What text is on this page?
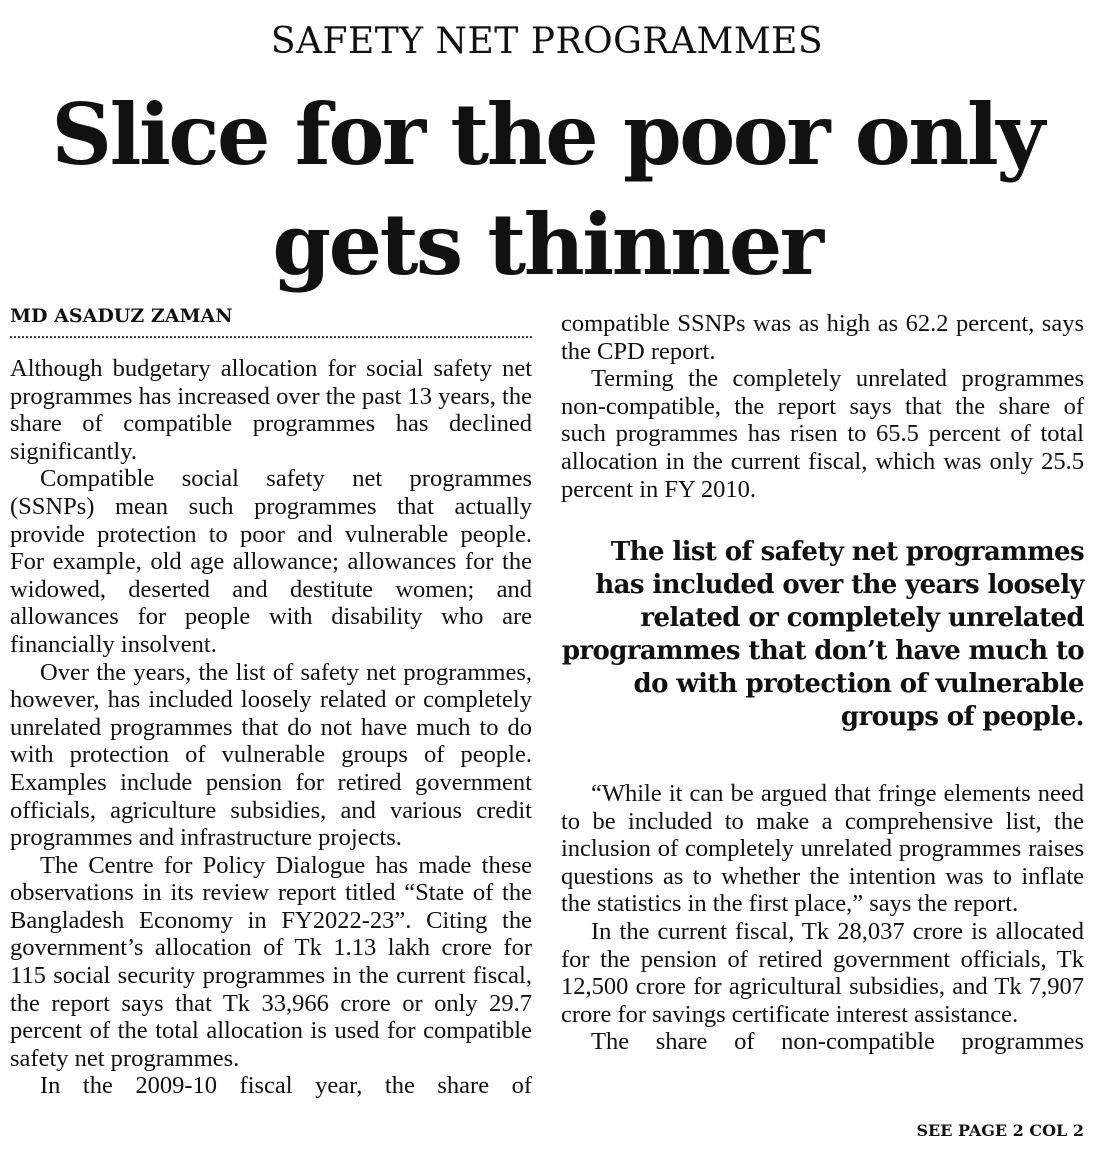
SAFETY NET PROGRAMMES
Slice for the poor only
gets thinner
MD ASADUZ ZAMAN

Although budgetary allocation for social safety net programmes has increased over the past 13 years, the share of compatible programmes has declined significantly.

Compatible social safety net programmes (SSNPs) mean such programmes that actually provide protection to poor and vulnerable people. For example, old age allowance; allowances for the widowed, deserted and destitute women; and allowances for people with disability who are financially insolvent.

Over the years, the list of safety net programmes, however, has included loosely related or completely unrelated programmes that do not have much to do with protection of vulnerable groups of people. Examples include pension for retired government officials, agriculture subsidies, and various credit programmes and infrastructure projects.

The Centre for Policy Dialogue has made these observations in its review report titled “State of the Bangladesh Economy in FY2022-23”. Citing the government’s allocation of Tk 1.13 lakh crore for 115 social security programmes in the current fiscal, the report says that Tk 33,966 crore or only 29.7 percent of the total allocation is used for compatible safety net programmes.

In the 2009-10 fiscal year, the share of

compatible SSNPs was as high as 62.2 percent, says the CPD report.

Terming the completely unrelated programmes non-compatible, the report says that the share of such programmes has risen to 65.5 percent of total allocation in the current fiscal, which was only 25.5 percent in FY 2010.

The list of safety net programmes has included over the years loosely related or completely unrelated programmes that don’t have much to do with protection of vulnerable groups of people.

“While it can be argued that fringe elements need to be included to make a comprehensive list, the inclusion of completely unrelated programmes raises questions as to whether the intention was to inflate the statistics in the first place,” says the report.

In the current fiscal, Tk 28,037 crore is allocated for the pension of retired government officials, Tk 12,500 crore for agricultural subsidies, and Tk 7,907 crore for savings certificate interest assistance.

The share of non-compatible programmes

SEE PAGE 2 COL 2
